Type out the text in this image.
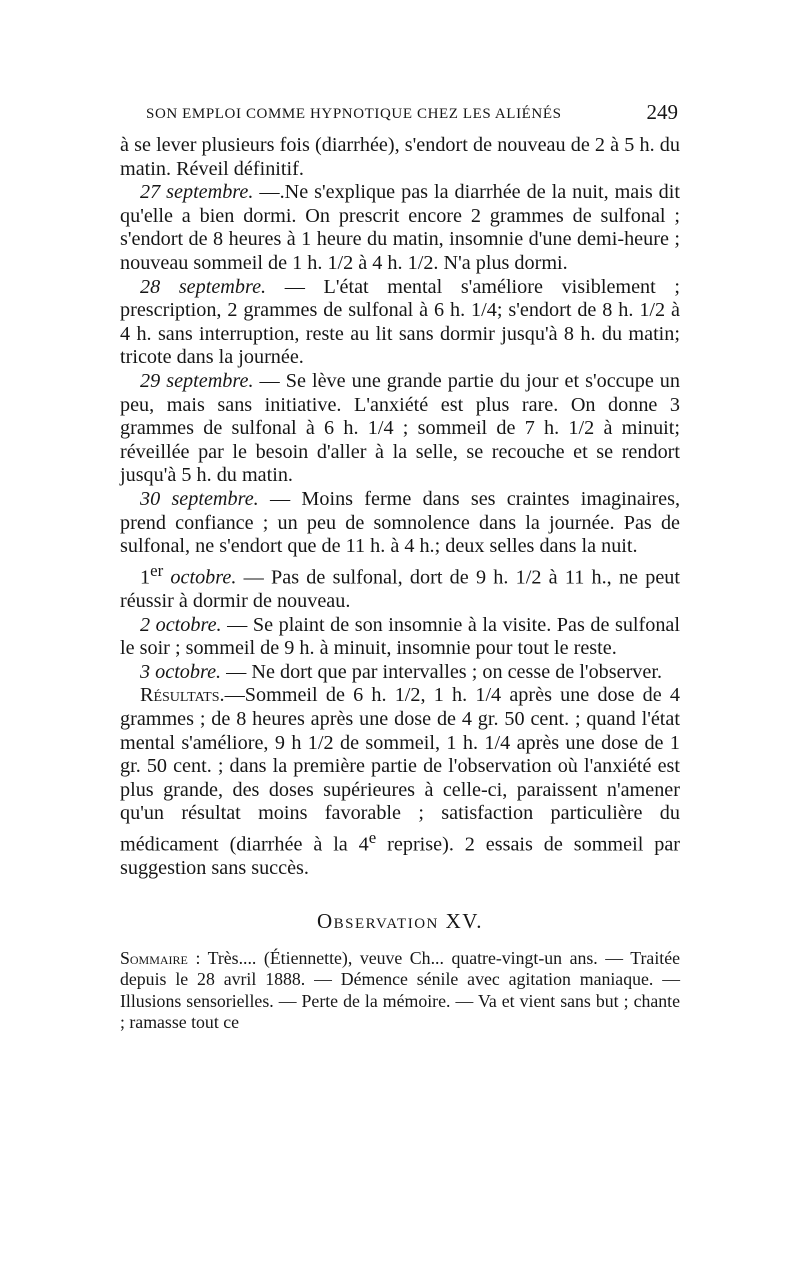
SON EMPLOI COMME HYPNOTIQUE CHEZ LES ALIÉNÉS	249

à se lever plusieurs fois (diarrhée), s'endort de nouveau de 2 à 5 h. du matin. Réveil définitif.

27 septembre. —.Ne s'explique pas la diarrhée de la nuit, mais dit qu'elle a bien dormi. On prescrit encore 2 grammes de sulfonal ; s'endort de 8 heures à 1 heure du matin, insomnie d'une demi-heure ; nouveau sommeil de 1 h. 1/2 à 4 h. 1/2. N'a plus dormi.

28 septembre. — L'état mental s'améliore visiblement ; prescription, 2 grammes de sulfonal à 6 h. 1/4; s'endort de 8 h. 1/2 à 4 h. sans interruption, reste au lit sans dormir jusqu'à 8 h. du matin; tricote dans la journée.

29 septembre. — Se lève une grande partie du jour et s'occupe un peu, mais sans initiative. L'anxiété est plus rare. On donne 3 grammes de sulfonal à 6 h. 1/4 ; sommeil de 7 h. 1/2 à minuit; réveillée par le besoin d'aller à la selle, se recouche et se rendort jusqu'à 5 h. du matin.

30 septembre. — Moins ferme dans ses craintes imaginaires, prend confiance ; un peu de somnolence dans la journée. Pas de sulfonal, ne s'endort que de 11 h. à 4 h.; deux selles dans la nuit.

1er octobre. — Pas de sulfonal, dort de 9 h. 1/2 à 11 h., ne peut réussir à dormir de nouveau.

2 octobre. — Se plaint de son insomnie à la visite. Pas de sulfonal le soir ; sommeil de 9 h. à minuit, insomnie pour tout le reste.

3 octobre. — Ne dort que par intervalles ; on cesse de l'observer.

Résultats.—Sommeil de 6 h. 1/2, 1 h. 1/4 après une dose de 4 grammes ; de 8 heures après une dose de 4 gr. 50 cent. ; quand l'état mental s'améliore, 9 h 1/2 de sommeil, 1 h. 1/4 après une dose de 1 gr. 50 cent. ; dans la première partie de l'observation où l'anxiété est plus grande, des doses supérieures à celle-ci, paraissent n'amener qu'un résultat moins favorable ; satisfaction particulière du médicament (diarrhée à la 4e reprise). 2 essais de sommeil par suggestion sans succès.

Observation XV.

Sommaire : Très.... (Étiennette), veuve Ch... quatre-vingt-un ans. — Traitée depuis le 28 avril 1888. — Démence sénile avec agitation maniaque. — Illusions sensorielles. — Perte de la mémoire. — Va et vient sans but ; chante ; ramasse tout ce
